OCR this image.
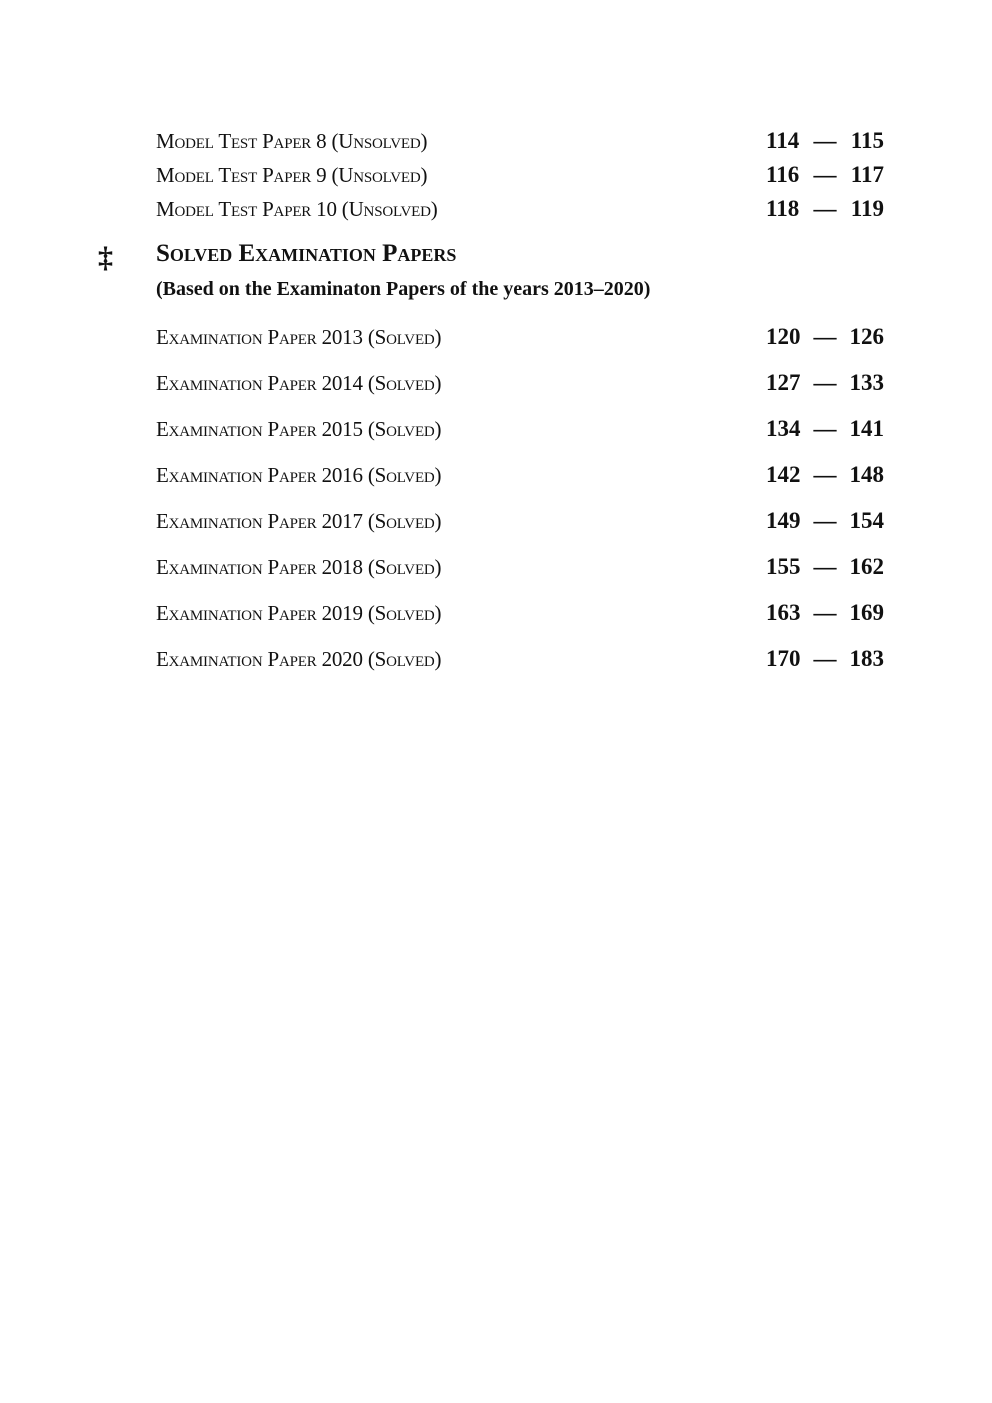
Model Test Paper 8 (Unsolved)	114 — 115
Model Test Paper 9 (Unsolved)	116 — 117
Model Test Paper 10 (Unsolved)	118 — 119
‡ Solved Examination Papers
(Based on the Examinaton Papers of the years 2013–2020)
Examination Paper 2013 (Solved)	120 — 126
Examination Paper 2014 (Solved)	127 — 133
Examination Paper 2015 (Solved)	134 — 141
Examination Paper 2016 (Solved)	142 — 148
Examination Paper 2017 (Solved)	149 — 154
Examination Paper 2018 (Solved)	155 — 162
Examination Paper 2019 (Solved)	163 — 169
Examination Paper 2020 (Solved)	170 — 183
